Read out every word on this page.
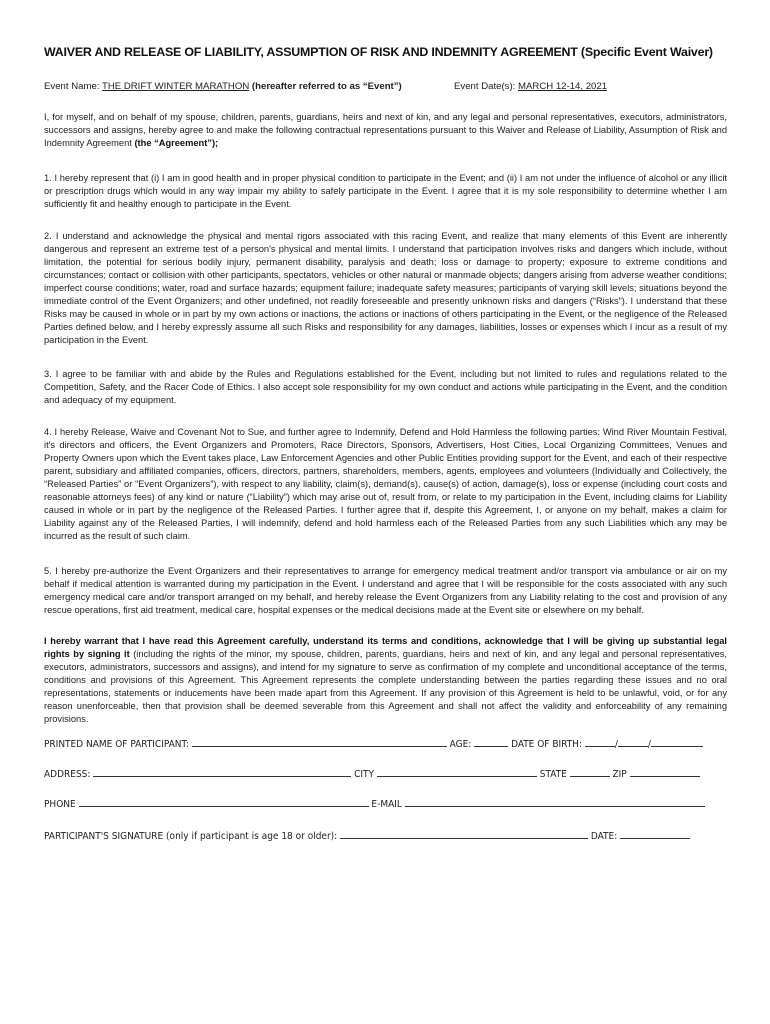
WAIVER AND RELEASE OF LIABILITY, ASSUMPTION OF RISK AND INDEMNITY AGREEMENT (Specific Event Waiver)
Event Name: THE DRIFT WINTER MARATHON (hereafter referred to as “Event”)	Event Date(s): MARCH 12-14, 2021
I, for myself, and on behalf of my spouse, children, parents, guardians, heirs and next of kin, and any legal and personal representatives, executors, administrators, successors and assigns, hereby agree to and make the following contractual representations pursuant to this Waiver and Release of Liability, Assumption of Risk and Indemnity Agreement (the “Agreement”);
1. I hereby represent that (i) I am in good health and in proper physical condition to participate in the Event; and (ii) I am not under the influence of alcohol or any illicit or prescription drugs which would in any way impair my ability to safely participate in the Event. I agree that it is my sole responsibility to determine whether I am sufficiently fit and healthy enough to participate in the Event.
2. I understand and acknowledge the physical and mental rigors associated with this racing Event, and realize that many elements of this Event are inherently dangerous and represent an extreme test of a person's physical and mental limits. I understand that participation involves risks and dangers which include, without limitation, the potential for serious bodily injury, permanent disability, paralysis and death; loss or damage to property; exposure to extreme conditions and circumstances; contact or collision with other participants, spectators, vehicles or other natural or manmade objects; dangers arising from adverse weather conditions; imperfect course conditions; water, road and surface hazards; equipment failure; inadequate safety measures; participants of varying skill levels; situations beyond the immediate control of the Event Organizers; and other undefined, not readily foreseeable and presently unknown risks and dangers (“Risks”). I understand that these Risks may be caused in whole or in part by my own actions or inactions, the actions or inactions of others participating in the Event, or the negligence of the Released Parties defined below, and I hereby expressly assume all such Risks and responsibility for any damages, liabilities, losses or expenses which I incur as a result of my participation in the Event.
3. I agree to be familiar with and abide by the Rules and Regulations established for the Event, including but not limited to rules and regulations related to the Competition, Safety, and the Racer Code of Ethics. I also accept sole responsibility for my own conduct and actions while participating in the Event, and the condition and adequacy of my equipment.
4. I hereby Release, Waive and Covenant Not to Sue, and further agree to Indemnify, Defend and Hold Harmless the following parties: Wind River Mountain Festival, it's directors and officers, the Event Organizers and Promoters, Race Directors, Sponsors, Advertisers, Host Cities, Local Organizing Committees, Venues and Property Owners upon which the Event takes place, Law Enforcement Agencies and other Public Entities providing support for the Event, and each of their respective parent, subsidiary and affiliated companies, officers, directors, partners, shareholders, members, agents, employees and volunteers (Individually and Collectively, the “Released Parties” or “Event Organizers”), with respect to any liability, claim(s), demand(s), cause(s) of action, damage(s), loss or expense (including court costs and reasonable attorneys fees) of any kind or nature (“Liability”) which may arise out of, result from, or relate to my participation in the Event, including claims for Liability caused in whole or in part by the negligence of the Released Parties. I further agree that if, despite this Agreement, I, or anyone on my behalf, makes a claim for Liability against any of the Released Parties, I will indemnify, defend and hold harmless each of the Released Parties from any such Liabilities which any may be incurred as the result of such claim.
5. I hereby pre-authorize the Event Organizers and their representatives to arrange for emergency medical treatment and/or transport via ambulance or air on my behalf if medical attention is warranted during my participation in the Event. I understand and agree that I will be responsible for the costs associated with any such emergency medical care and/or transport arranged on my behalf, and hereby release the Event Organizers from any Liability relating to the cost and provision of any rescue operations, first aid treatment, medical care, hospital expenses or the medical decisions made at the Event site or elsewhere on my behalf.
I hereby warrant that I have read this Agreement carefully, understand its terms and conditions, acknowledge that I will be giving up substantial legal rights by signing it (including the rights of the minor, my spouse, children, parents, guardians, heirs and next of kin, and any legal and personal representatives, executors, administrators, successors and assigns), and intend for my signature to serve as confirmation of my complete and unconditional acceptance of the terms, conditions and provisions of this Agreement. This Agreement represents the complete understanding between the parties regarding these issues and no oral representations, statements or inducements have been made apart from this Agreement. If any provision of this Agreement is held to be unlawful, void, or for any reason unenforceable, then that provision shall be deemed severable from this Agreement and shall not affect the validity and enforceability of any remaining provisions.
PRINTED NAME OF PARTICIPANT:	AGE:	DATE OF BIRTH:	/	/
ADDRESS:	CITY	STATE	ZIP
PHONE	E-MAIL
PARTICIPANT'S SIGNATURE (only if participant is age 18 or older):	DATE:
